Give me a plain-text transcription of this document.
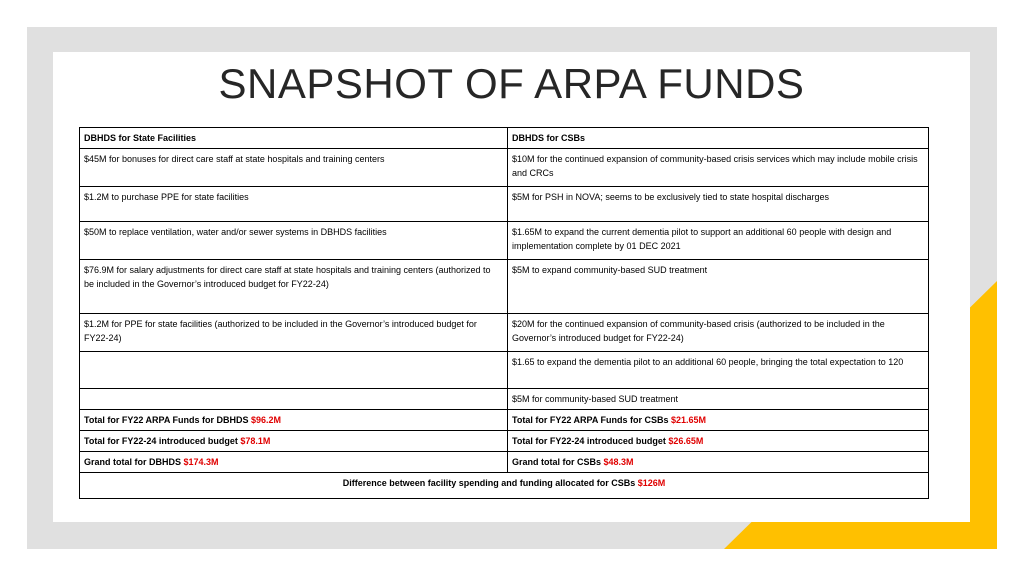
SNAPSHOT OF ARPA FUNDS
DBHDS for State Facilities	DBHDS for CSBs
$45M for bonuses for direct care staff at state hospitals and training centers	$10M for the continued expansion of community-based crisis services which may include mobile crisis and CRCs
$1.2M to purchase PPE for state facilities	$5M for PSH in NOVA; seems to be exclusively tied to state hospital discharges
$50M to replace ventilation, water and/or sewer systems in DBHDS facilities	$1.65M to expand the current dementia pilot to support an additional 60 people with design and implementation complete by 01 DEC 2021
$76.9M for salary adjustments for direct care staff at state hospitals and training centers (authorized to be included in the Governor’s introduced budget for FY22-24)	$5M to expand community-based SUD treatment
$1.2M for PPE for state facilities (authorized to be included in the Governor’s introduced budget for FY22-24)	$20M for the continued expansion of community-based crisis (authorized to be included in the Governor’s introduced budget for FY22-24)
	$1.65 to expand the dementia pilot to an additional 60 people, bringing the total expectation to 120
	$5M for community-based SUD treatment
Total for FY22 ARPA Funds for DBHDS $96.2M	Total for FY22 ARPA Funds for CSBs $21.65M
Total for FY22-24 introduced budget $78.1M	Total for FY22-24 introduced budget $26.65M
Grand total for DBHDS $174.3M	Grand total for CSBs $48.3M
Difference between facility spending and funding allocated for CSBs $126M	
